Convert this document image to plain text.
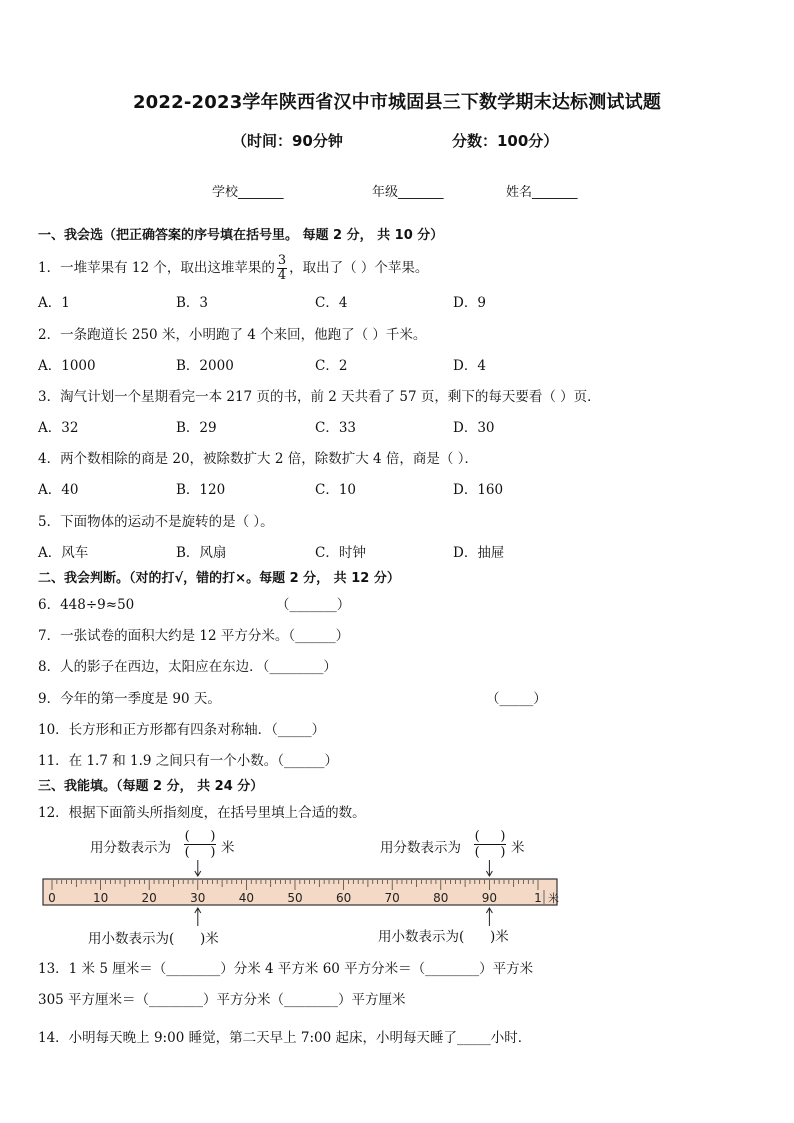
2022-2023学年陕西省汉中市城固县三下数学期末达标测试试题
（时间：90分钟	分数：100分）
学校_______	年级_______	姓名_______
一、我会选（把正确答案的序号填在括号里。 每题 2 分， 共 10 分）
1．一堆苹果有 12 个，取出这堆苹果的 $\frac{3}{4}$ ，取出了（ ）个苹果。
A．1	B．3	C．4	D．9
2．一条跑道长 250 米，小明跑了 4 个来回，他跑了（ ）千米。
A．1000	B．2000	C．2	D．4
3．淘气计划一个星期看完一本 217 页的书，前 2 天共看了 57 页，剩下的每天要看（ ）页．
A．32	B．29	C．33	D．30
4．两个数相除的商是 20，被除数扩大 2 倍，除数扩大 4 倍，商是（ ）．
A．40	B．120	C．10	D．160
5．下面物体的运动不是旋转的是（ ）。
A．风车	B．风扇	C．时钟	D．抽屉
二、我会判断。（对的打√，错的打×。每题 2 分， 共 12 分）
6．448÷9≈50	（_______）
7．一张试卷的面积大约是 12 平方分米。（______）
8．人的影子在西边，太阳应在东边．（________）
9．今年的第一季度是 90 天。	（_____）
10．长方形和正方形都有四条对称轴．（_____）
11．在 1.7 和 1.9 之间只有一个小数。（______）
三、我能填。（每题 2 分， 共 24 分）
12．根据下面箭头所指刻度，在括号里填上合适的数。
用分数表示为
( )
( ) 米	用分数表示为
( )
( ) 米
0	10	20	30	40	50	60	70	80	90	1 米
用小数表示为( )米	用小数表示为( )米
13．1 米 5 厘米＝（________）分米 4 平方米 60 平方分米＝（________）平方米
305 平方厘米＝（________）平方分米（________）平方厘米
14．小明每天晚上 9:00 睡觉，第二天早上 7:00 起床，小明每天睡了_____小时．
